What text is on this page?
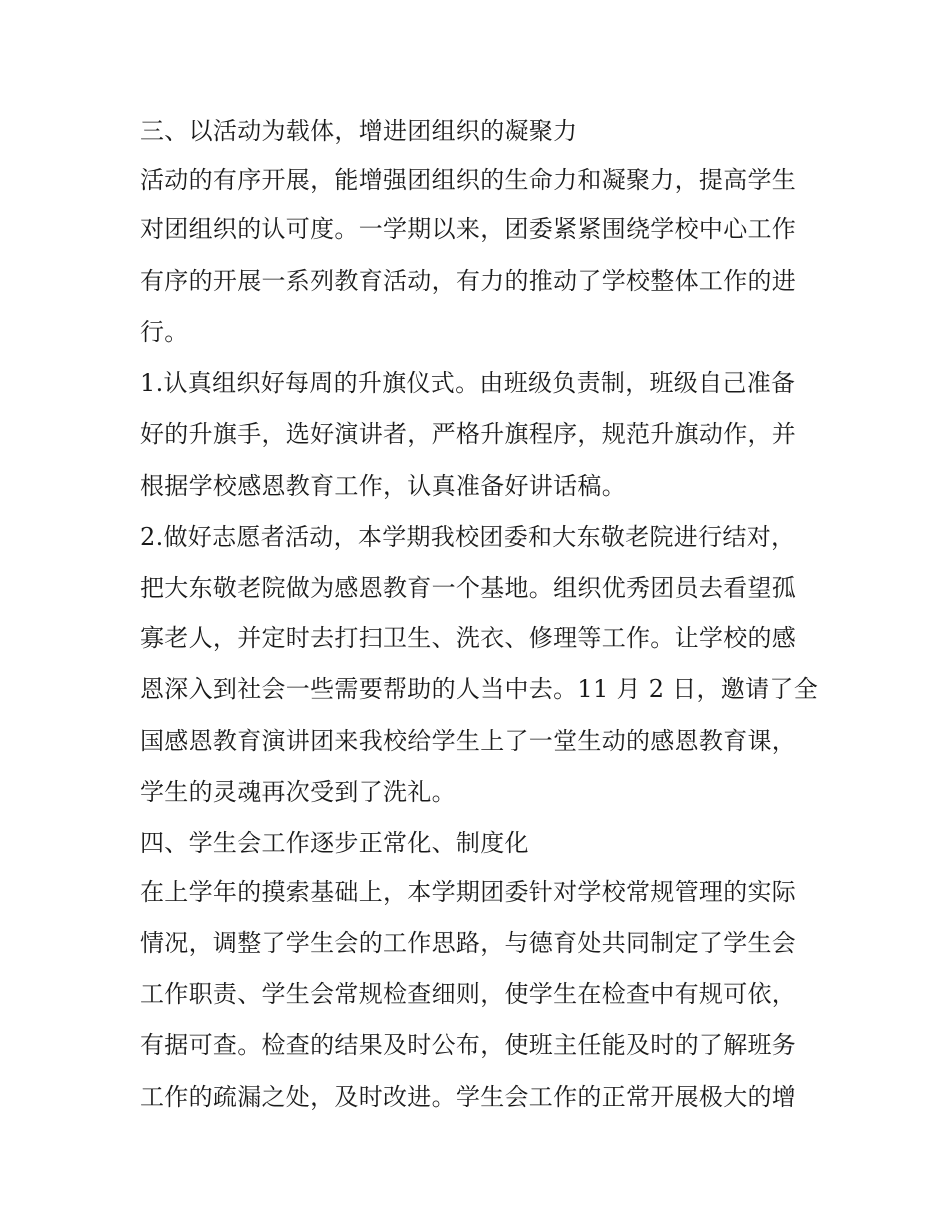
三、以活动为载体，增进团组织的凝聚力

活动的有序开展，能增强团组织的生命力和凝聚力，提高学生

对团组织的认可度。一学期以来，团委紧紧围绕学校中心工作

有序的开展一系列教育活动，有力的推动了学校整体工作的进

行。

1.认真组织好每周的升旗仪式。由班级负责制，班级自己准备

好的升旗手，选好演讲者，严格升旗程序，规范升旗动作，并

根据学校感恩教育工作，认真准备好讲话稿。

2.做好志愿者活动，本学期我校团委和大东敬老院进行结对，

把大东敬老院做为感恩教育一个基地。组织优秀团员去看望孤

寡老人，并定时去打扫卫生、洗衣、修理等工作。让学校的感

恩深入到社会一些需要帮助的人当中去。11 月 2 日，邀请了全

国感恩教育演讲团来我校给学生上了一堂生动的感恩教育课，

学生的灵魂再次受到了洗礼。

四、学生会工作逐步正常化、制度化

在上学年的摸索基础上，本学期团委针对学校常规管理的实际

情况，调整了学生会的工作思路，与德育处共同制定了学生会

工作职责、学生会常规检查细则，使学生在检查中有规可依，

有据可查。检查的结果及时公布，使班主任能及时的了解班务

工作的疏漏之处，及时改进。学生会工作的正常开展极大的增
